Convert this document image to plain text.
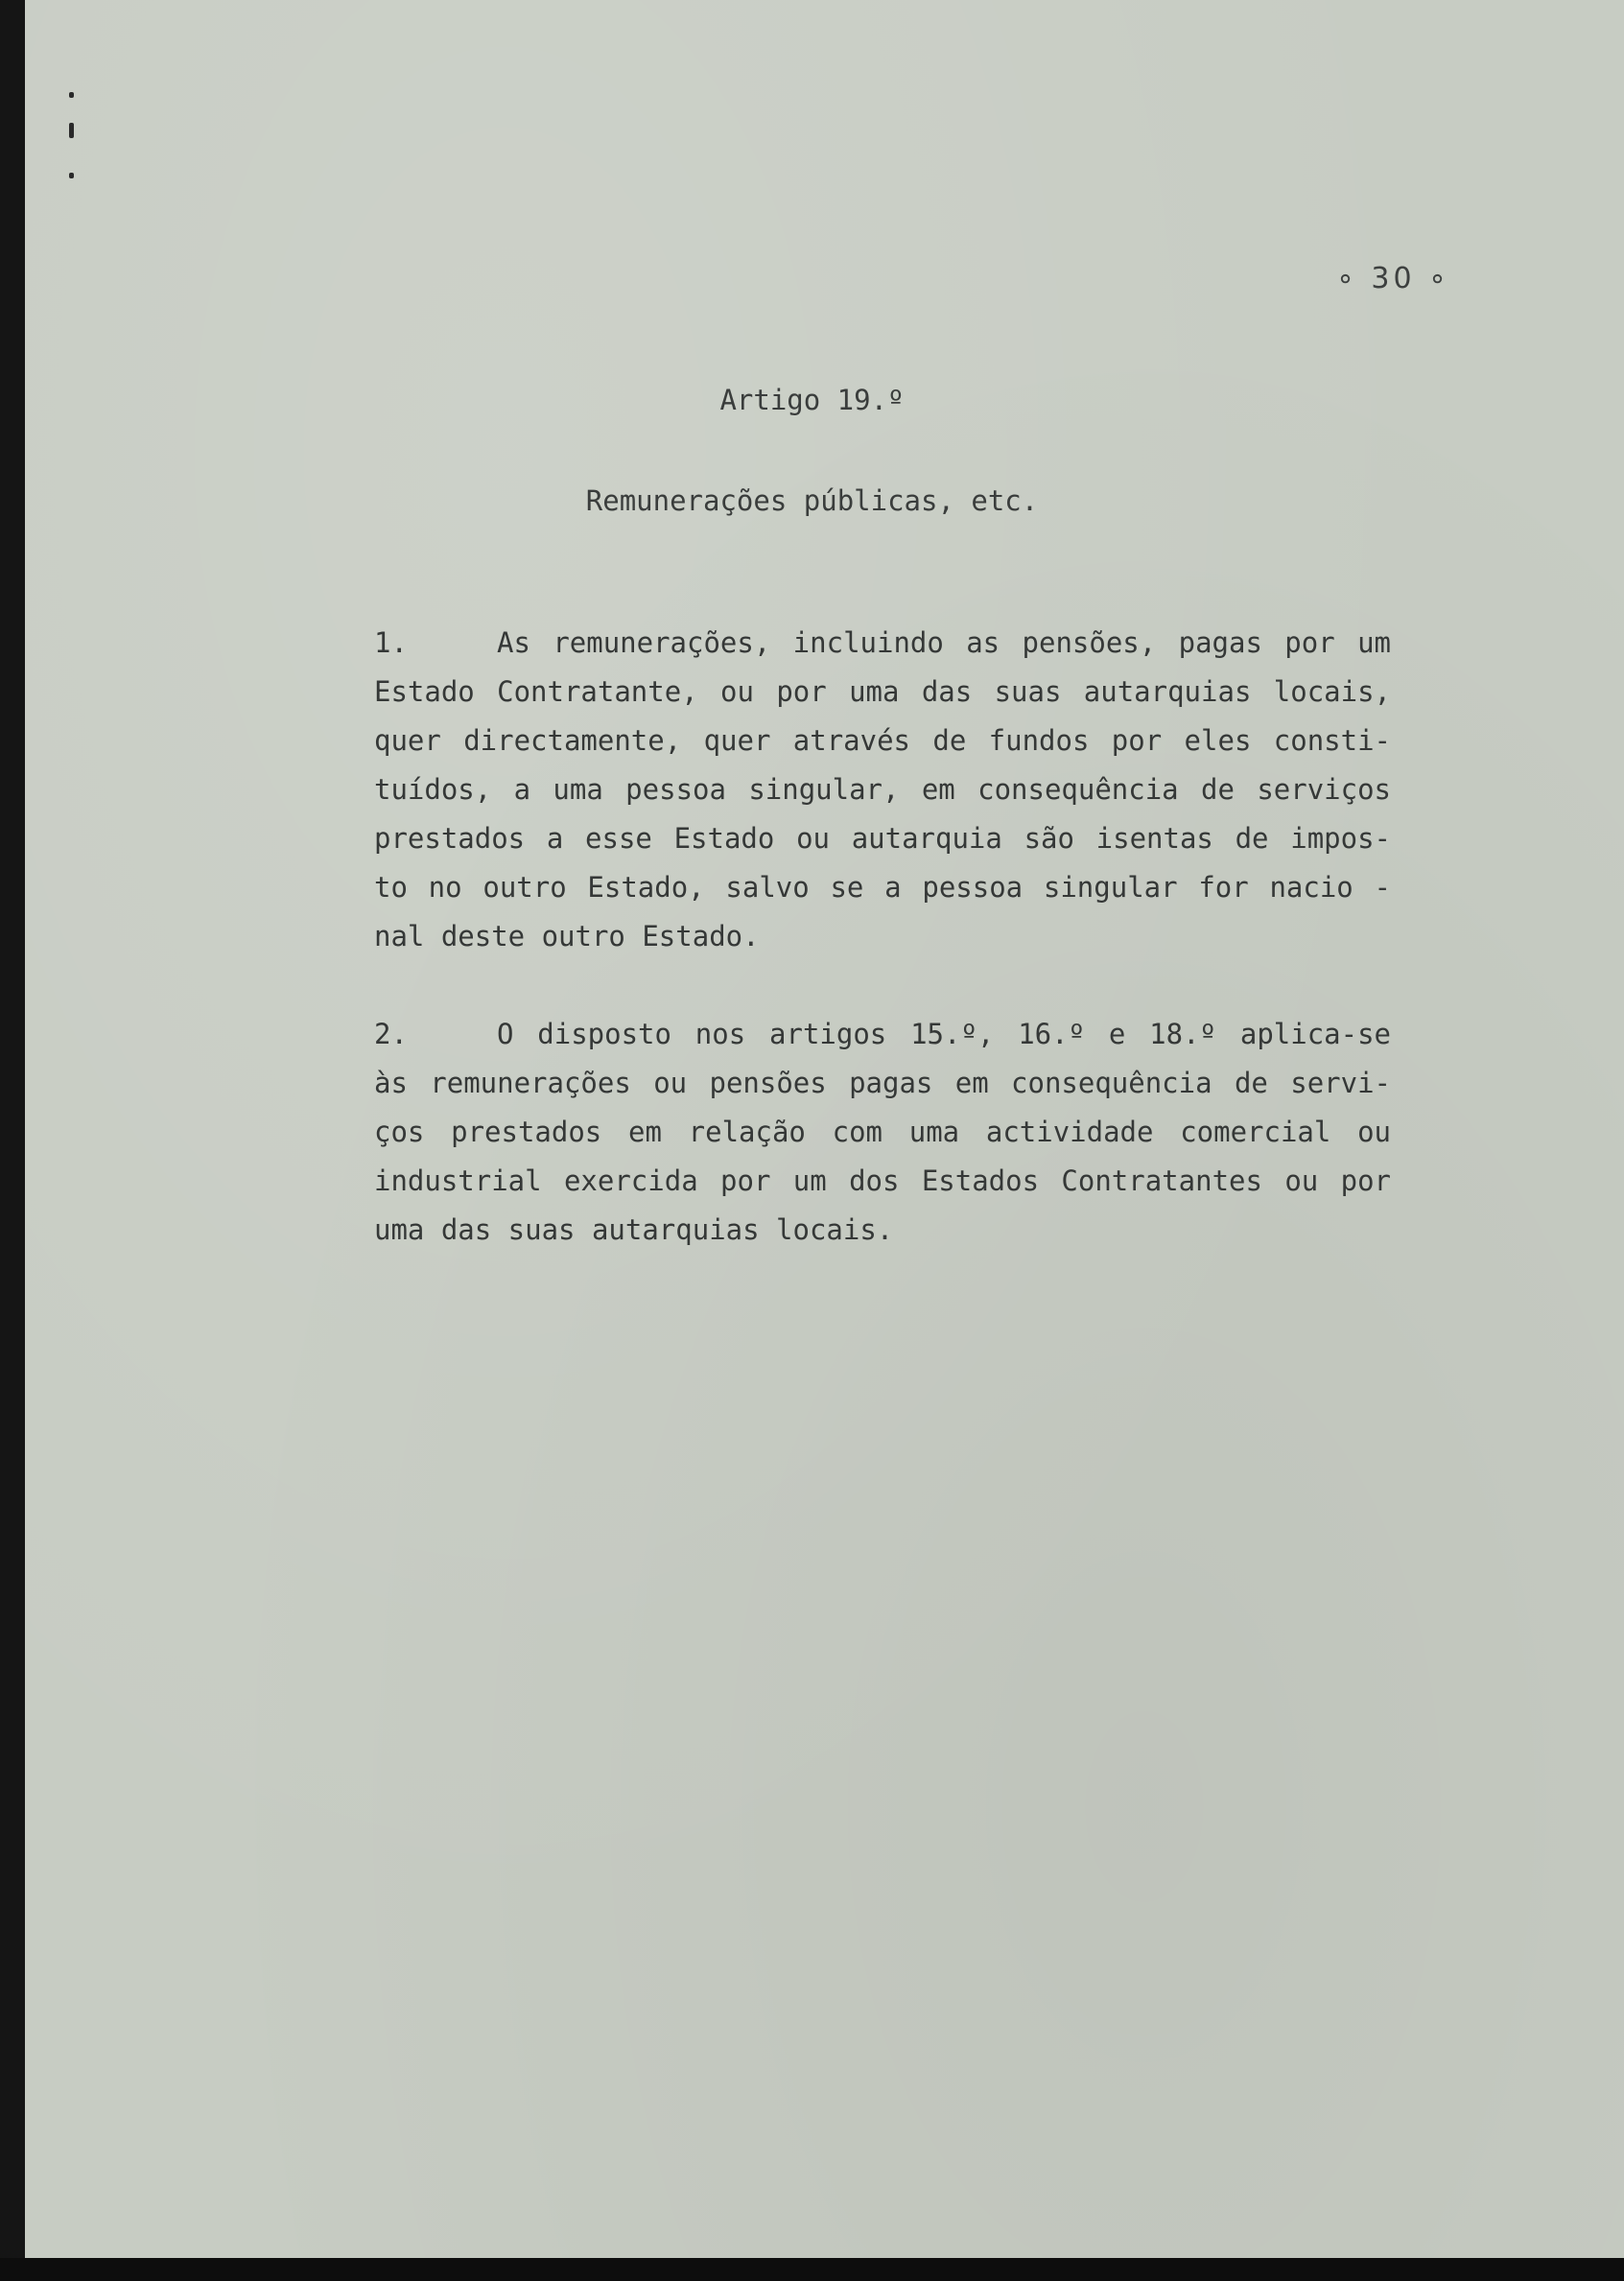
∘ 30 ∘

Artigo 19.º
Remunerações públicas, etc.
1.	As remunerações, incluindo as pensões, pagas por um
Estado Contratante, ou por uma das suas autarquias locais,
quer directamente, quer através de fundos por eles consti-
tuídos, a uma pessoa singular, em consequência de serviços
prestados a esse Estado ou autarquia são isentas de impos-
to no outro Estado, salvo se a pessoa singular for nacio -
nal deste outro Estado.
2.	O disposto nos artigos 15.º, 16.º e 18.º aplica-se
às remunerações ou pensões pagas em consequência de servi-
ços prestados em relação com uma actividade comercial ou
industrial exercida por um dos Estados Contratantes ou por
uma das suas autarquias locais.
